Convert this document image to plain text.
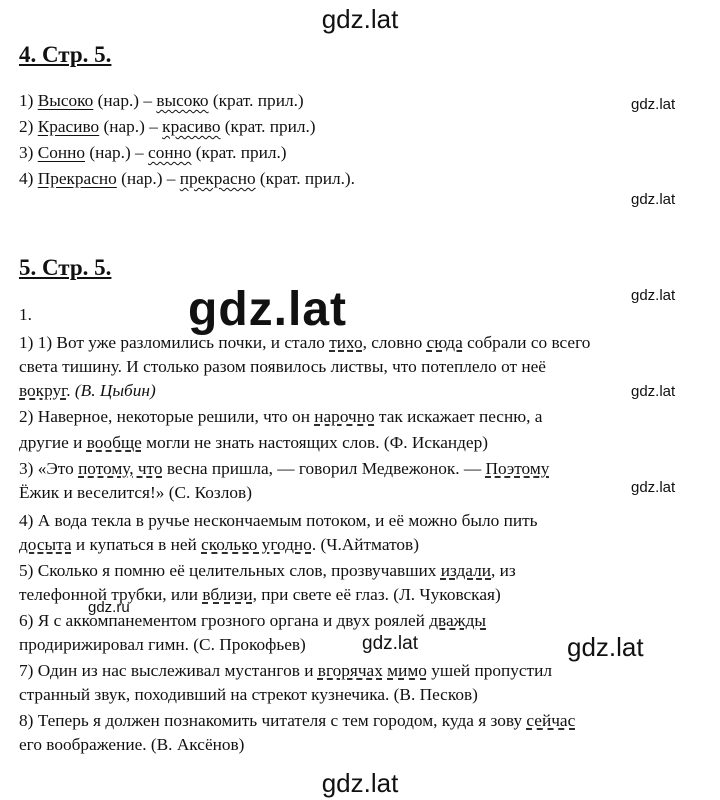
gdz.lat
gdz.lat
gdz.lat
gdz.lat
gdz.lat
gdz.lat
4. Стр. 5.
1) Высоко (нар.) – высоко (крат. прил.)
2) Красиво (нар.) – красиво (крат. прил.)
3) Сонно (нар.) – сонно (крат. прил.)
4) Прекрасно (нар.) – прекрасно (крат. прил.).
5. Стр. 5.
1.	gdz.lat
1) 1) Вот уже разломились почки, и стало тихо, словно сюда собрали со всего
света тишину. И столько разом появилось листвы, что потеплело от неё
вокруг. (В. Цыбин)
2) Наверное, некоторые решили, что он нарочно так искажает песню, а
другие и вообще могли не знать настоящих слов. (Ф. Искандер)
3) «Это потому, что весна пришла, — говорил Медвежонок. — Поэтому
Ёжик и веселится!» (С. Козлов)
4) А вода текла в ручье нескончаемым потоком, и её можно было пить
досыта и купаться в ней сколько угодно. (Ч.Айтматов)
5) Сколько я помню её целительных слов, прозвучавших издали, из
телефонной трубки, или вблизи, при свете её глаз. (Л. Чуковская)
gdz.ru
6) Я с аккомпанементом грозного органа и двух роялей дважды
продирижировал гимн. (С. Прокофьев)	gdz.lat	gdz.lat
7) Один из нас выслеживал мустангов и вгорячах мимо ушей пропустил
странный звук, походивший на стрекот кузнечика. (В. Песков)
8) Теперь я должен познакомить читателя с тем городом, куда я зову сейчас
его воображение. (В. Аксёнов)
gdz.lat
